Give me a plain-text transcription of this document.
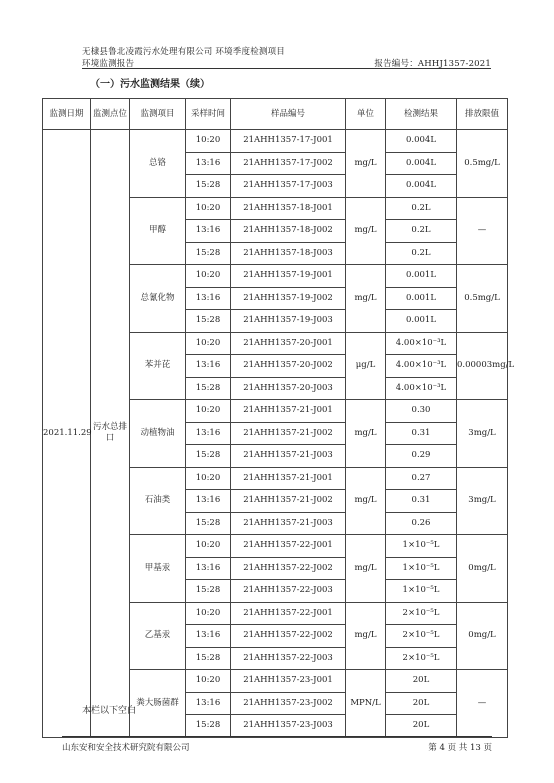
无棣县鲁北凌霞污水处理有限公司 环境季度检测项目
环境监测报告	报告编号：AHHJ1357-2021
（一）污水监测结果（续）
监测日期	监测点位	监测项目	采样时间	样品编号	单位	检测结果	排放限值
2021.11.29	污水总排口	总铬	10:20	21AHH1357-17-J001	mg/L	0.004L	0.5mg/L
			13:16	21AHH1357-17-J002		0.004L	
			15:28	21AHH1357-17-J003		0.004L	
		甲醇	10:20	21AHH1357-18-J001	mg/L	0.2L	—
			13:16	21AHH1357-18-J002		0.2L	
			15:28	21AHH1357-18-J003		0.2L	
		总氰化物	10:20	21AHH1357-19-J001	mg/L	0.001L	0.5mg/L
			13:16	21AHH1357-19-J002		0.001L	
			15:28	21AHH1357-19-J003		0.001L	
		苯并芘	10:20	21AHH1357-20-J001	μg/L	4.00×10⁻³L	0.00003mg/L
			13:16	21AHH1357-20-J002		4.00×10⁻³L	
			15:28	21AHH1357-20-J003		4.00×10⁻³L	
		动植物油	10:20	21AHH1357-21-J001	mg/L	0.30	3mg/L
			13:16	21AHH1357-21-J002		0.31	
			15:28	21AHH1357-21-J003		0.29	
		石油类	10:20	21AHH1357-21-J001	mg/L	0.27	3mg/L
			13:16	21AHH1357-21-J002		0.31	
			15:28	21AHH1357-21-J003		0.26	
		甲基汞	10:20	21AHH1357-22-J001	mg/L	1×10⁻⁵L	0mg/L
			13:16	21AHH1357-22-J002		1×10⁻⁵L	
			15:28	21AHH1357-22-J003		1×10⁻⁵L	
		乙基汞	10:20	21AHH1357-22-J001	mg/L	2×10⁻⁵L	0mg/L
			13:16	21AHH1357-22-J002		2×10⁻⁵L	
			15:28	21AHH1357-22-J003		2×10⁻⁵L	
		粪大肠菌群	10:20	21AHH1357-23-J001	MPN/L	20L	—
			13:16	21AHH1357-23-J002		20L	
			15:28	21AHH1357-23-J003		20L	
本栏以下空白
山东安和安全技术研究院有限公司	第 4 页 共 13 页
